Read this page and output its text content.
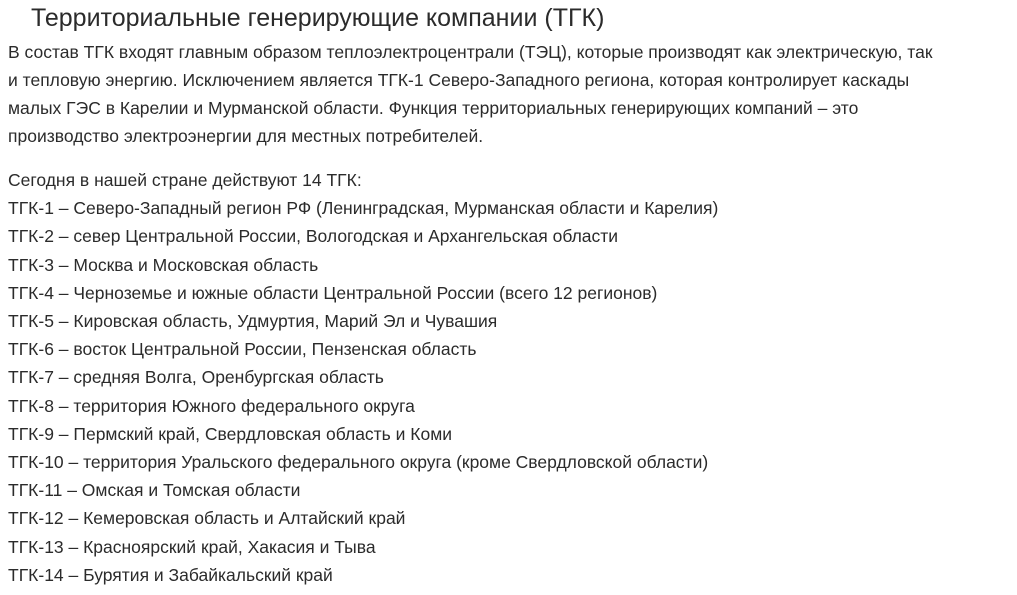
Территориальные генерирующие компании (ТГК)

В состав ТГК входят главным образом теплоэлектроцентрали (ТЭЦ), которые производят как электрическую, так
и тепловую энергию. Исключением является ТГК-1 Северо-Западного региона, которая контролирует каскады
малых ГЭС в Карелии и Мурманской области. Функция территориальных генерирующих компаний – это
производство электроэнергии для местных потребителей.

Сегодня в нашей стране действуют 14 ТГК:

ТГК-1 – Северо-Западный регион РФ (Ленинградская, Мурманская области и Карелия)
ТГК-2 – север Центральной России, Вологодская и Архангельская области
ТГК-3 – Москва и Московская область
ТГК-4 – Черноземье и южные области Центральной России (всего 12 регионов)
ТГК-5 – Кировская область, Удмуртия, Марий Эл и Чувашия
ТГК-6 – восток Центральной России, Пензенская область
ТГК-7 – средняя Волга, Оренбургская область
ТГК-8 – территория Южного федерального округа
ТГК-9 – Пермский край, Свердловская область и Коми
ТГК-10 – территория Уральского федерального округа (кроме Свердловской области)
ТГК-11 – Омская и Томская области
ТГК-12 – Кемеровская область и Алтайский край
ТГК-13 – Красноярский край, Хакасия и Тыва
ТГК-14 – Бурятия и Забайкальский край
